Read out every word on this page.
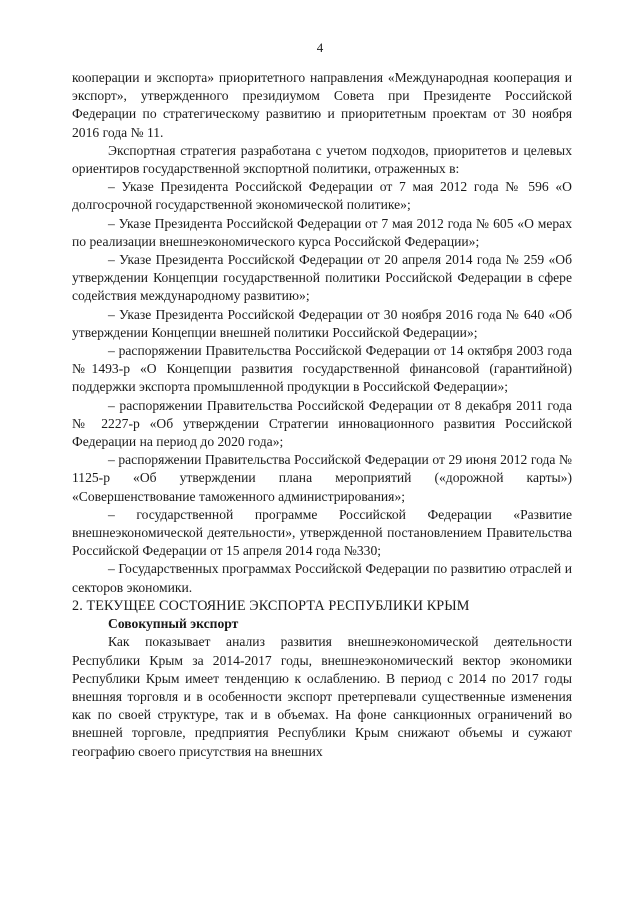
4

кооперации и экспорта» приоритетного направления «Международная кооперация и экспорт», утвержденного президиумом Совета при Президенте Российской Федерации по стратегическому развитию и приоритетным проектам от 30 ноября 2016 года № 11.

Экспортная стратегия разработана с учетом подходов, приоритетов и целевых ориентиров государственной экспортной политики, отраженных в:

– Указе Президента Российской Федерации от 7 мая 2012 года № 596 «О долгосрочной государственной экономической политике»;

– Указе Президента Российской Федерации от 7 мая 2012 года № 605 «О мерах по реализации внешнеэкономического курса Российской Федерации»;

– Указе Президента Российской Федерации от 20 апреля 2014 года № 259 «Об утверждении Концепции государственной политики Российской Федерации в сфере содействия международному развитию»;

– Указе Президента Российской Федерации от 30 ноября 2016 года № 640 «Об утверждении Концепции внешней политики Российской Федерации»;

– распоряжении Правительства Российской Федерации от 14 октября 2003 года №1493-р «О Концепции развития государственной финансовой (гарантийной) поддержки экспорта промышленной продукции в Российской Федерации»;

– распоряжении Правительства Российской Федерации от 8 декабря 2011 года № 2227-р «Об утверждении Стратегии инновационного развития Российской Федерации на период до 2020 года»;

– распоряжении Правительства Российской Федерации от 29 июня 2012 года № 1125-р «Об утверждении плана мероприятий («дорожной карты») «Совершенствование таможенного администрирования»;

– государственной программе Российской Федерации «Развитие внешнеэкономической деятельности», утвержденной постановлением Правительства Российской Федерации от 15 апреля 2014 года №330;

– Государственных программах Российской Федерации по развитию отраслей и секторов экономики.

2. ТЕКУЩЕЕ СОСТОЯНИЕ ЭКСПОРТА РЕСПУБЛИКИ КРЫМ

Совокупный экспорт

Как показывает анализ развития внешнеэкономической деятельности Республики Крым за 2014-2017 годы, внешнеэкономический вектор экономики Республики Крым имеет тенденцию к ослаблению. В период с 2014 по 2017 годы внешняя торговля и в особенности экспорт претерпевали существенные изменения как по своей структуре, так и в объемах. На фоне санкционных ограничений во внешней торговле, предприятия Республики Крым снижают объемы и сужают географию своего присутствия на внешних
